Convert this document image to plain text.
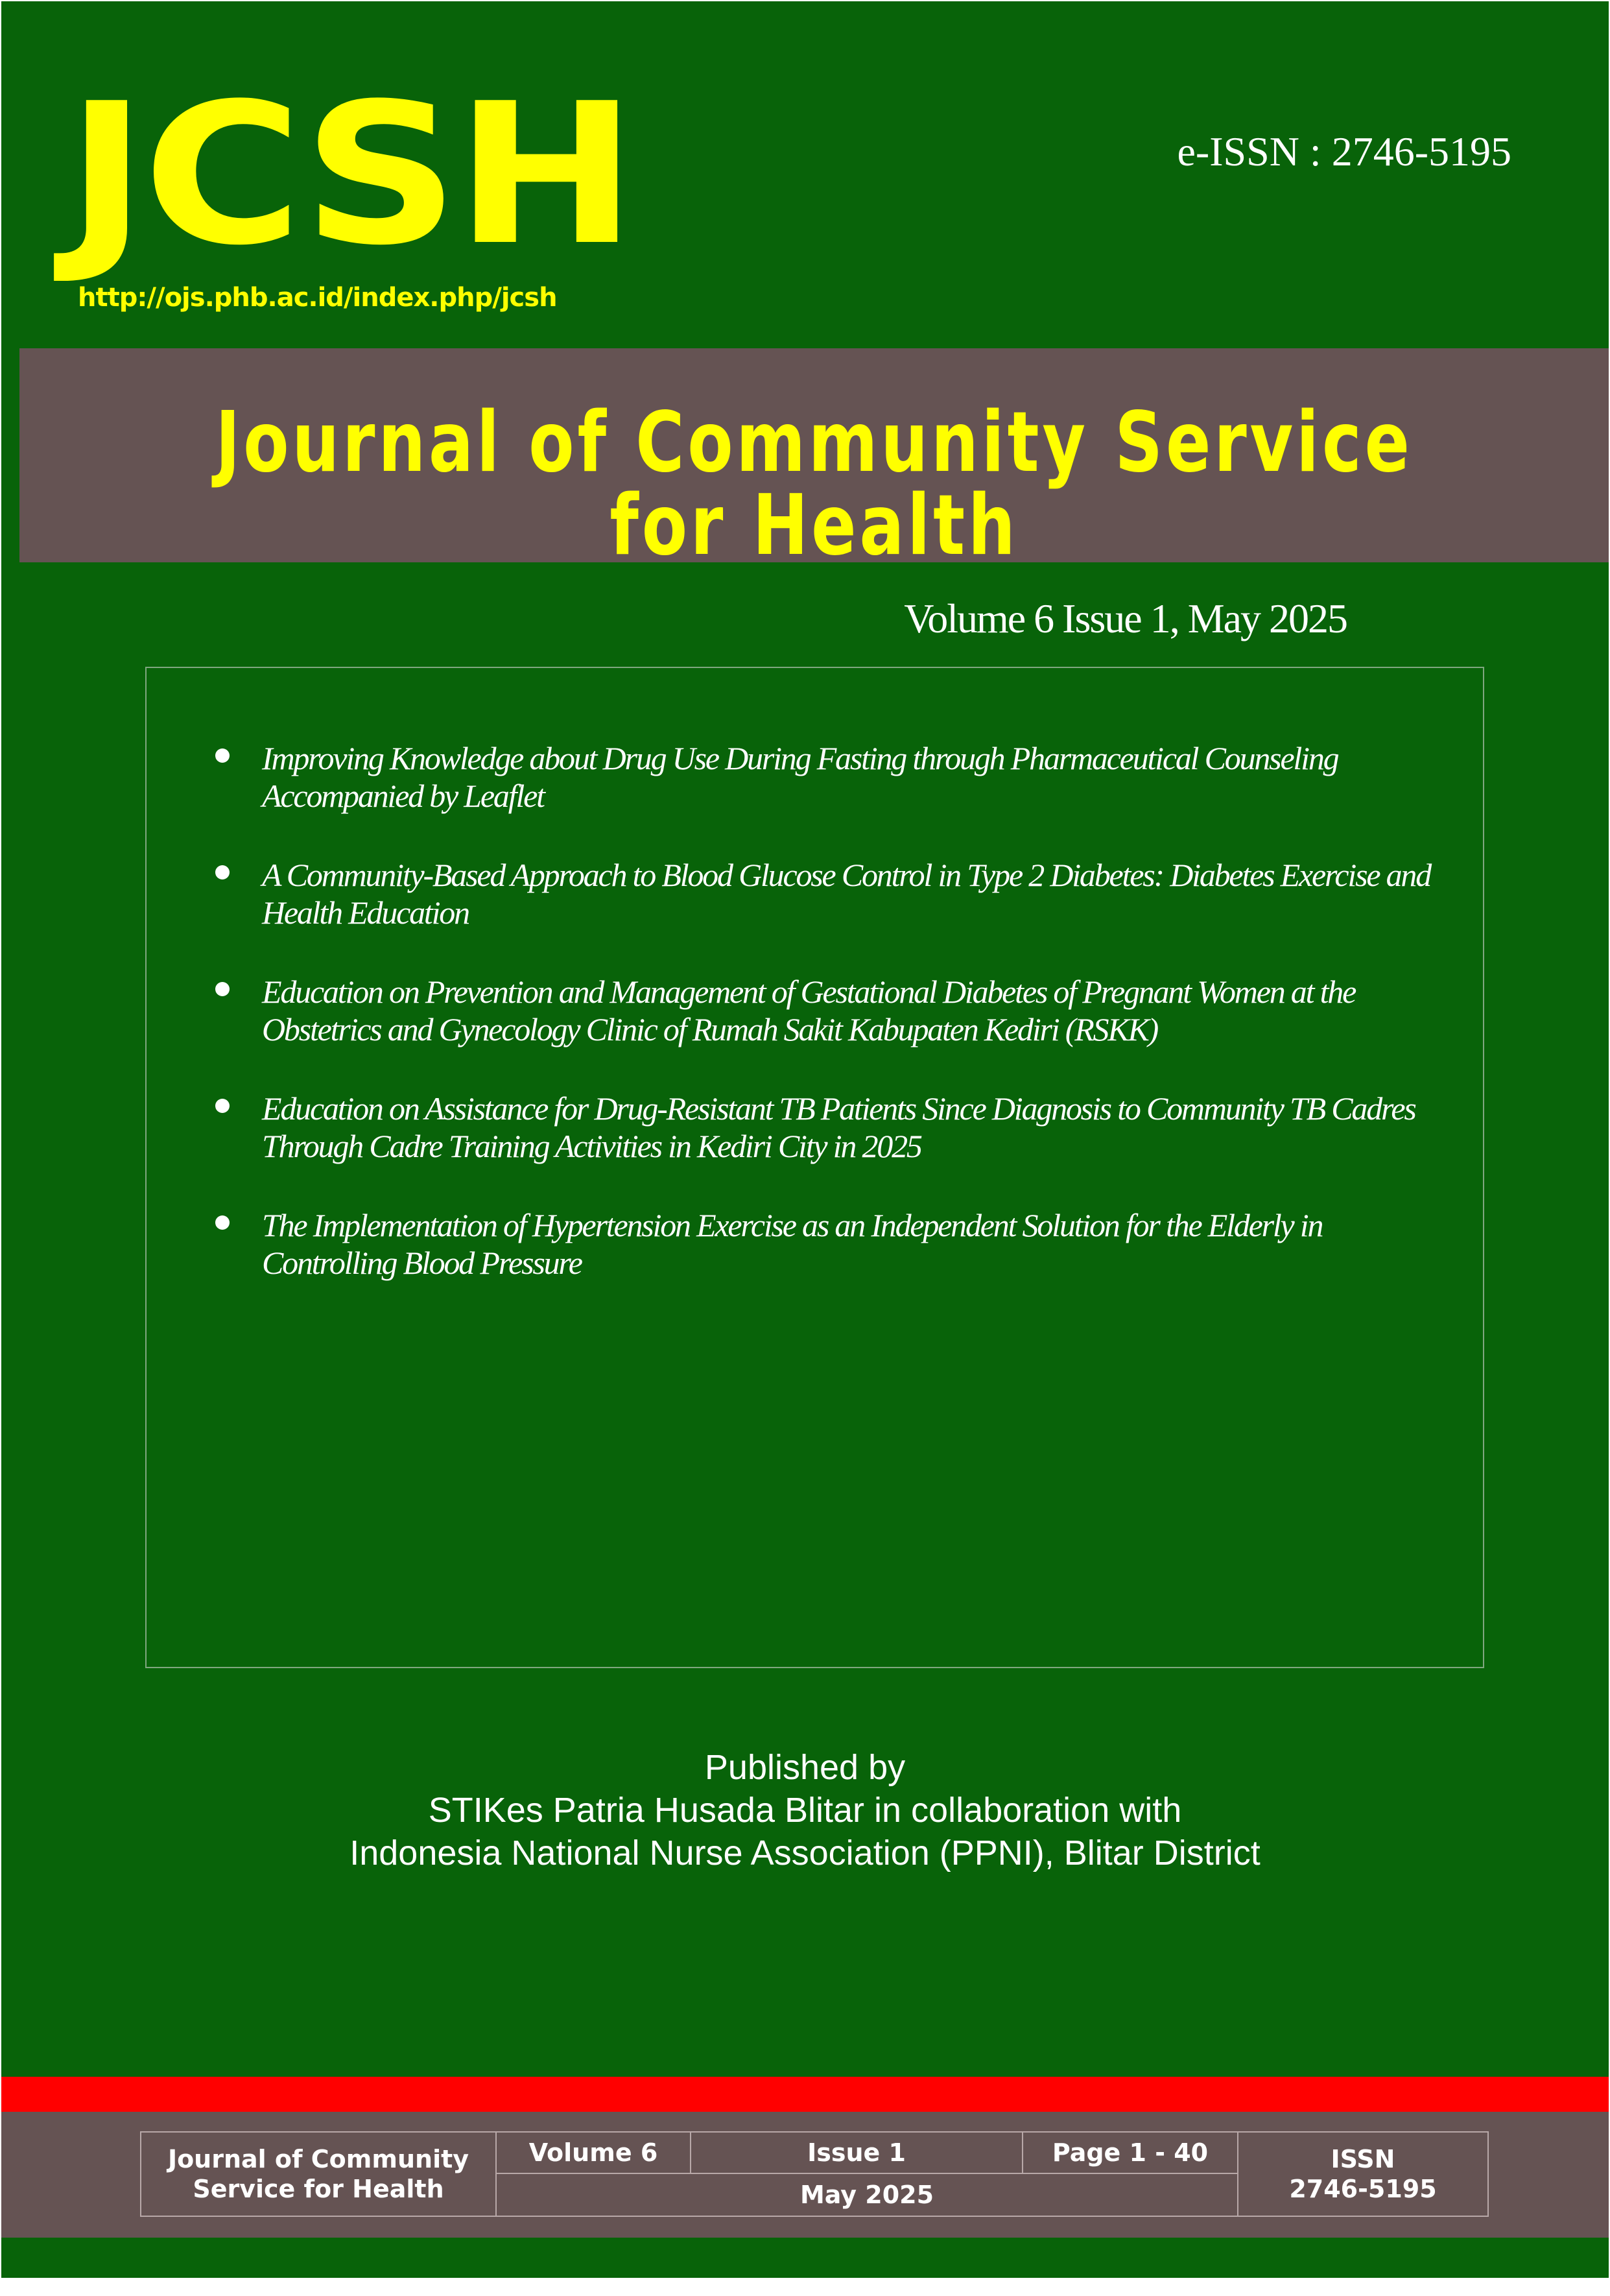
JCSH
http://ojs.phb.ac.id/index.php/jcsh
e-ISSN : 2746-5195
Journal of Community Service for Health
Volume 6 Issue 1, May 2025
Improving Knowledge about Drug Use During Fasting through Pharmaceutical Counseling Accompanied by Leaflet
A Community-Based Approach to Blood Glucose Control in Type 2 Diabetes: Diabetes Exercise and Health Education
Education on Prevention and Management of Gestational Diabetes of Pregnant Women at the Obstetrics and Gynecology Clinic of Rumah Sakit Kabupaten Kediri (RSKK)
Education on Assistance for Drug-Resistant TB Patients Since Diagnosis to Community TB Cadres Through Cadre Training Activities in Kediri City in 2025
The Implementation of Hypertension Exercise as an Independent Solution for the Elderly in Controlling Blood Pressure
Published by
STIKes Patria Husada Blitar in collaboration with
Indonesia National Nurse Association (PPNI), Blitar District
Journal of Community
Service for Health
Volume 6	Issue 1	Page 1 - 40
May 2025
ISSN
2746-5195
